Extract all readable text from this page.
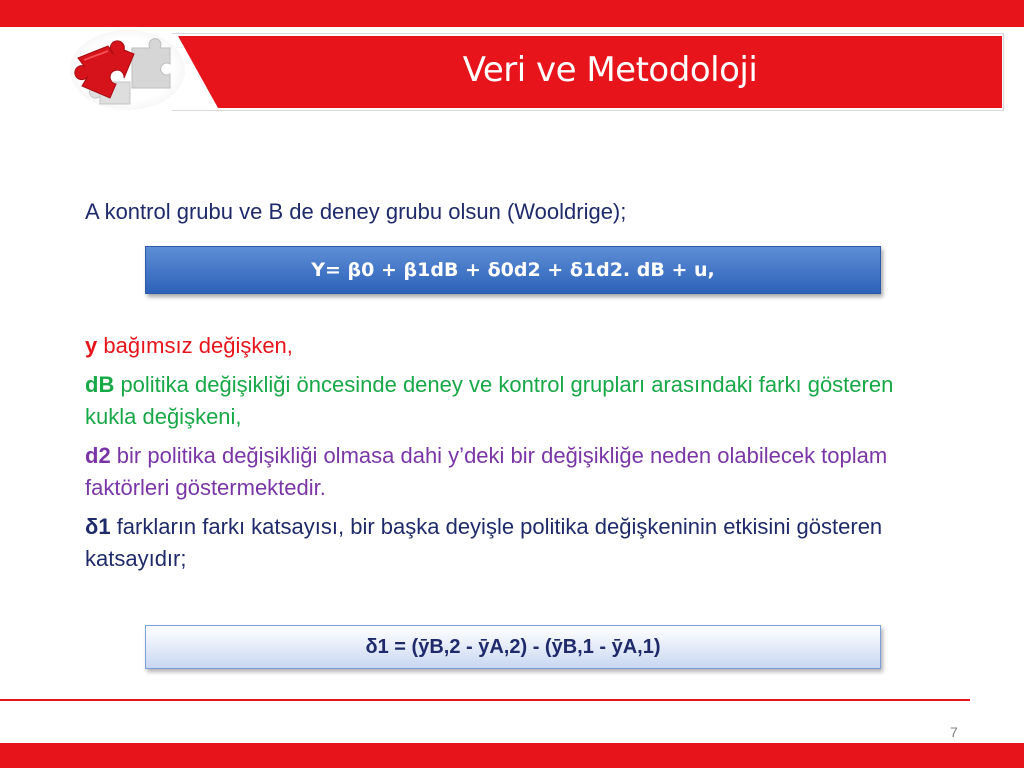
Veri ve Metodoloji
A kontrol grubu ve B de deney grubu olsun (Wooldrige);
Y= β0 + β1dB + δ0d2 + δ1d2. dB + u,
y bağımsız değişken,
dB politika değişikliği öncesinde deney ve kontrol grupları arasındaki farkı gösteren kukla değişkeni,
d2 bir politika değişikliği olmasa dahi y’deki bir değişikliğe neden olabilecek toplam faktörleri göstermektedir.
δ1 farkların farkı katsayısı, bir başka deyişle politika değişkeninin etkisini gösteren katsayıdır;
δ1 = (ȳB,2 - ȳA,2) - (ȳB,1 - ȳA,1)
7
